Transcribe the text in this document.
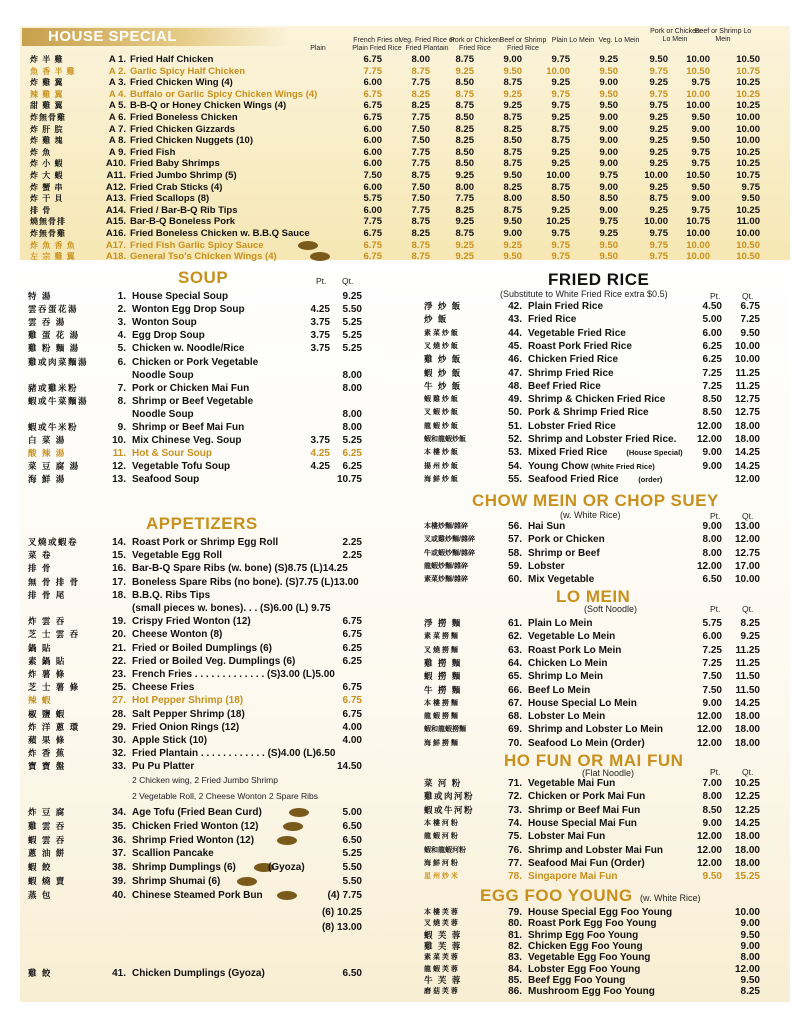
HOUSE SPECIAL
Plain
French Fries or Plain Fried Rice
Veg. Fried Rice or Fried Plantain
Pork or Chicken Fried Rice
Beef or Shrimp Fried Rice
Plain Lo Mein Veg. Lo Mein
Pork or Chicken Lo Mein
Beef or Shrimp Lo Mein
炸 半 雞	A 1. Fried Half Chicken	6.75	8.00	8.75	9.00	9.75	9.25	9.50	10.00	10.50
魚 香 半 雞	A 2. Garlic Spicy Half Chicken	7.75	8.75	9.25	9.50	10.00	9.50	9.75	10.50	10.75
炸 雞 翼	A 3. Fried Chicken Wing (4)	6.00	7.75	8.50	8.75	9.25	9.00	9.25	9.75	10.25
辣 雞 翼	A 4. Buffalo or Garlic Spicy Chicken Wings (4)	6.75	8.25	8.75	9.25	9.75	9.50	9.75	10.00	10.25
甜 雞 翼	A 5. B-B-Q or Honey Chicken Wings (4)	6.75	8.25	8.75	9.25	9.75	9.50	9.75	10.00	10.25
炸無骨雞	A 6. Fried Boneless Chicken	6.75	7.75	8.50	8.75	9.25	9.00	9.25	9.50	10.00
炸 肝 脘	A 7. Fried Chicken Gizzards	6.00	7.50	8.25	8.25	8.75	9.00	9.25	9.00	10.00
炸 雞 塊	A 8. Fried Chicken Nuggets (10)	6.00	7.50	8.25	8.50	8.75	9.00	9.25	9.50	10.00
炸 魚	A 9. Fried Fish	6.00	7.75	8.50	8.75	9.25	9.00	9.25	9.75	10.25
炸 小 蝦	A10. Fried Baby Shrimps	6.00	7.75	8.50	8.75	9.25	9.00	9.25	9.75	10.25
炸 大 蝦	A11. Fried Jumbo Shrimp (5)	7.50	8.75	9.25	9.50	10.00	9.75	10.00	10.50	10.75
炸 蟹 串	A12. Fried Crab Sticks (4)	6.00	7.50	8.00	8.25	8.75	9.00	9.25	9.50	9.75
炸 干 貝	A13. Fried Scallops (8)	5.75	7.50	7.75	8.00	8.50	8.50	8.75	9.00	9.50
排 骨	A14. Fried / Bar-B-Q Rib Tips	6.00	7.75	8.25	8.75	9.25	9.00	9.25	9.75	10.25
燒無骨排	A15. Bar-B-Q Boneless Pork	7.75	8.75	9.25	9.50	10.25	9.75	10.00	10.75	11.00
炸無骨雞	A16. Fried Boneless Chicken w. B.B.Q Sauce	6.75	8.25	8.75	9.00	9.75	9.25	9.75	10.00	10.00
炸 魚 香 魚	A17. Fried Fish Garlic Spicy Sauce	6.75	8.75	9.25	9.25	9.75	9.50	9.75	10.00	10.50
左 宗 雞 翼	A18. General Tso's Chicken Wings (4)	6.75	8.75	9.25	9.50	9.75	9.50	9.75	10.00	10.50
SOUP	Pt. Qt.
特 湯	1. House Special Soup	9.25
雲吞蛋花湯	2. Wonton Egg Drop Soup	4.25	5.50
雲 吞 湯	3. Wonton Soup	3.75	5.25
雞 蛋 花 湯	4. Egg Drop Soup	3.75	5.25
雞 粉 麵 湯	5. Chicken w. Noodle/Rice	3.75	5.25
雞或肉菜麵湯	6. Chicken or Pork Vegetable
Noodle Soup	8.00
豬或雞米粉	7. Pork or Chicken Mai Fun	8.00
蝦或牛菜麵湯	8. Shrimp or Beef Vegetable
Noodle Soup	8.00
蝦或牛米粉	9. Shrimp or Beef Mai Fun	8.00
白 菜 湯	10. Mix Chinese Veg. Soup	3.75	5.25
酸 辣 湯	11. Hot & Sour Soup	4.25	6.25
菜 豆 腐 湯	12. Vegetable Tofu Soup	4.25	6.25
海 鮮 湯	13. Seafood Soup	10.75
APPETIZERS
叉燒或蝦卷	14. Roast Pork or Shrimp Egg Roll	2.25
菜 卷	15. Vegetable Egg Roll	2.25
排 骨	16. Bar-B-Q Spare Ribs (w. bone) (S)8.75 (L)14.25
無 骨 排 骨	17. Boneless Spare Ribs (no bone). (S)7.75 (L)13.00
排 骨 尾	18. B.B.Q. Ribs Tips
(small pieces w. bones). . . (S)6.00 (L) 9.75
炸 雲 吞	19. Crispy Fried Wonton (12)	6.75
芝 士 雲 吞	20. Cheese Wonton (8)	6.75
鍋 貼	21. Fried or Boiled Dumplings (6)	6.25
素 鍋 貼	22. Fried or Boiled Veg. Dumplings (6)	6.25
炸 薯 條	23. French Fries . . . . . . . . . . . . . (S)3.00 (L)5.00
芝 士 薯 條	25. Cheese Fries	6.75
辣 蝦	27. Hot Pepper Shrimp (18)	6.75
椒 鹽 蝦	28. Salt Pepper Shrimp (18)	6.75
炸 洋 蔥 環	29. Fried Onion Rings (12)	4.00
蘋 果 條	30. Apple Stick (10)	4.00
炸 香 蕉	32. Fried Plantain . . . . . . . . . . . . (S)4.00 (L)6.50
寶 寶 盤	33. Pu Pu Platter	14.50
2 Chicken wing, 2 Fried Jumbo Shrimp
2 Vegetable Roll, 2 Cheese Wonton 2 Spare Ribs
炸 豆 腐	34. Age Tofu (Fried Bean Curd)	5.00
雞 雲 吞	35. Chicken Fried Wonton (12)	6.50
蝦 雲 吞	36. Shrimp Fried Wonton (12)	6.50
蔥 油 餅	37. Scallion Pancake	5.25
蝦 餃	38. Shrimp Dumplings (6)	(Gyoza)	5.50
蝦 燒 賣	39. Shrimp Shumai (6)	5.50
蒸 包	40. Chinese Steamed Pork Bun	(4) 7.75
(6) 10.25
(8) 13.00
雞 餃	41. Chicken Dumplings (Gyoza)	6.50
FRIED RICE
(Substitute to White Fried Rice extra $0.5)	Pt.	Qt.
淨 炒 飯	42. Plain Fried Rice	4.50	6.75
炒 飯	43. Fried Rice	5.00	7.25
素 菜 炒 飯	44. Vegetable Fried Rice	6.00	9.50
叉 燒 炒 飯	45. Roast Pork Fried Rice	6.25	10.00
雞 炒 飯	46. Chicken Fried Rice	6.25	10.00
蝦 炒 飯	47. Shrimp Fried Rice	7.25	11.25
牛 炒 飯	48. Beef Fried Rice	7.25	11.25
蝦 雞 炒 飯	49. Shrimp & Chicken Fried Rice	8.50	12.75
叉 蝦 炒 飯	50. Pork & Shrimp Fried Rice	8.50	12.75
龍 蝦 炒 飯	51. Lobster Fried Rice	12.00	18.00
蝦和龍蝦炒飯	52. Shrimp and Lobster Fried Rice.	12.00	18.00
本 樓 炒 飯	53. Mixed Fried Rice	(House Special)	9.00	14.25
揚 州 炒 飯	54. Young Chow (White Fried Rice)	9.00	14.25
海 鮮 炒 飯	55. Seafood Fried Rice	(order)	12.00
CHOW MEIN OR CHOP SUEY
(w. White Rice)	Pt.	Qt.
本樓炒麵/雜碎	56. Hai Sun	9.00	13.00
叉或雞炒麵/雜碎	57. Pork or Chicken	8.00	12.00
牛或蝦炒麵/雜碎	58. Shrimp or Beef	8.00	12.75
龍蝦炒麵/雜碎	59. Lobster	12.00	17.00
素菜炒麵/雜碎	60. Mix Vegetable	6.50	10.00
LO MEIN
(Soft Noodle)	Pt.	Qt.
淨 撈 麵	61. Plain Lo Mein	5.75	8.25
素 菜 撈 麵	62. Vegetable Lo Mein	6.00	9.25
叉 燒 撈 麵	63. Roast Pork Lo Mein	7.25	11.25
雞 撈 麵	64. Chicken Lo Mein	7.25	11.25
蝦 撈 麵	65. Shrimp Lo Mein	7.50	11.50
牛 撈 麵	66. Beef Lo Mein	7.50	11.50
本 樓 撈 麵	67. House Special Lo Mein	9.00	14.25
龍 蝦 撈 麵	68. Lobster Lo Mein	12.00	18.00
蝦和龍蝦撈麵	69. Shrimp and Lobster Lo Mein	12.00	18.00
海 鮮 撈 麵	70. Seafood Lo Mein (Order)	12.00	18.00
HO FUN OR MAI FUN
(Flat Noodle)	Pt.	Qt.
菜 河 粉	71. Vegetable Mai Fun	7.00	10.25
雞或肉河粉	72. Chicken or Pork Mai Fun	8.00	12.25
蝦或牛河粉	73. Shrimp or Beef Mai Fun	8.50	12.25
本 樓 河 粉	74. House Special Mai Fun	9.00	14.25
龍 蝦 河 粉	75. Lobster Mai Fun	12.00	18.00
蝦和龍蝦河粉	76. Shrimp and Lobster Mai Fun	12.00	18.00
海 鮮 河 粉	77. Seafood Mai Fun (Order)	12.00	18.00
星 州 炒 米	78. Singapore Mai Fun	9.50	15.25
EGG FOO YOUNG (w. White Rice)
本 樓 芙 蓉	79. House Special Egg Foo Young	10.00
叉 燒 芙 蓉	80. Roast Pork Egg Foo Young	9.00
蝦 芙 蓉	81. Shrimp Egg Foo Young	9.50
雞 芙 蓉	82. Chicken Egg Foo Young	9.00
素 菜 芙 蓉	83. Vegetable Egg Foo Young	8.00
龍 蝦 芙 蓉	84. Lobster Egg Foo Young	12.00
牛 芙 蓉	85. Beef Egg Foo Young	9.50
磨 菇 芙 蓉	86. Mushroom Egg Foo Young	8.25
